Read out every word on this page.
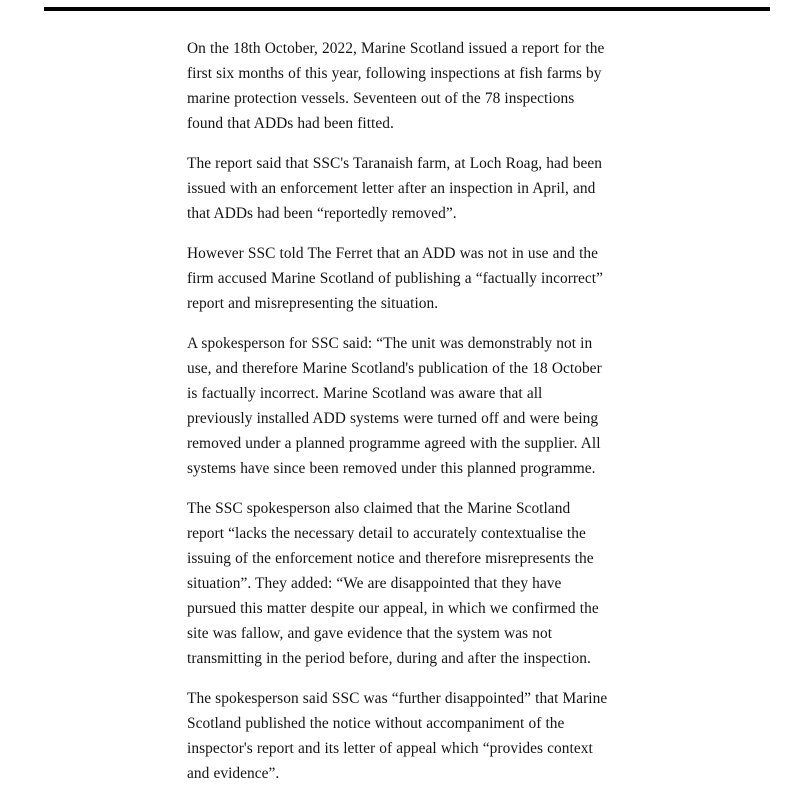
On the 18th October, 2022, Marine Scotland issued a report for the first six months of this year, following inspections at fish farms by marine protection vessels. Seventeen out of the 78 inspections found that ADDs had been fitted.

The report said that SSC's Taranaish farm, at Loch Roag, had been issued with an enforcement letter after an inspection in April, and that ADDs had been “reportedly removed”.

However SSC told The Ferret that an ADD was not in use and the firm accused Marine Scotland of publishing a “factually incorrect” report and misrepresenting the situation.

A spokesperson for SSC said: “The unit was demonstrably not in use, and therefore Marine Scotland's publication of the 18 October is factually incorrect. Marine Scotland was aware that all previously installed ADD systems were turned off and were being removed under a planned programme agreed with the supplier. All systems have since been removed under this planned programme.

The SSC spokesperson also claimed that the Marine Scotland report “lacks the necessary detail to accurately contextualise the issuing of the enforcement notice and therefore misrepresents the situation”. They added: “We are disappointed that they have pursued this matter despite our appeal, in which we confirmed the site was fallow, and gave evidence that the system was not transmitting in the period before, during and after the inspection.

The spokesperson said SSC was “further disappointed” that Marine Scotland published the notice without accompaniment of the inspector's report and its letter of appeal which “provides context and evidence”.
